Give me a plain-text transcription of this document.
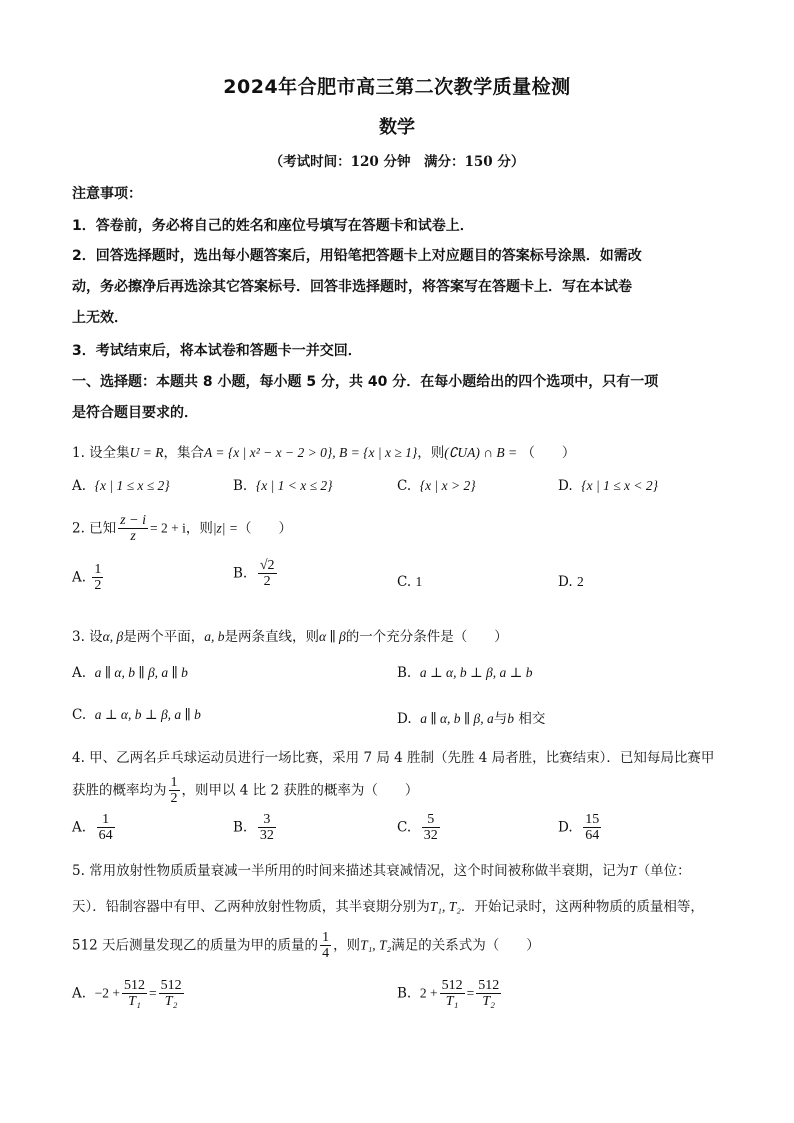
2024年合肥市高三第二次教学质量检测
数学
（考试时间：120 分钟　满分：150 分）
注意事项：
1．答卷前，务必将自己的姓名和座位号填写在答题卡和试卷上．
2．回答选择题时，选出每小题答案后，用铅笔把答题卡上对应题目的答案标号涂黑．如需改
动，务必擦净后再选涂其它答案标号．回答非选择题时，将答案写在答题卡上．写在本试卷
上无效．
3．考试结束后，将本试卷和答题卡一并交回．
一、选择题：本题共 8 小题，每小题 5 分，共 40 分．在每小题给出的四个选项中，只有一项
是符合题目要求的．
1. 设全集U = R，集合A = {x | x² − x − 2 > 0}, B = {x | x ≥ 1}，则(∁UA) ∩ B = （　　）
A. {x | 1 ≤ x ≤ 2}	B. {x | 1 < x ≤ 2}	C. {x | x > 2}	D. {x | 1 ≤ x < 2}
2. 已知 $\frac{z - i}{z} = 2 + i$，则|z| =（　　）
A. $\frac{1}{2}$	B. $\frac{√2}{2}$	C. 1	D. 2
3. 设α, β是两个平面，a, b是两条直线，则α ∥ β的一个充分条件是（　　）
A. a ∥ α, b ∥ β, a ∥ b	B. a ⊥ α, b ⊥ β, a ⊥ b
C. a ⊥ α, b ⊥ β, a ∥ b	D. a ∥ α, b ∥ β, a与b 相交
4. 甲、乙两名乒乓球运动员进行一场比赛，采用 7 局 4 胜制（先胜 4 局者胜，比赛结束）．已知每局比赛甲
获胜的概率均为 $\frac{1}{2}$ ，则甲以 4 比 2 获胜的概率为（　　）
A. $\frac{1}{64}$	B. $\frac{3}{32}$	C. $\frac{5}{32}$	D. $\frac{15}{64}$
5. 常用放射性物质质量衰减一半所用的时间来描述其衰减情况，这个时间被称做半衰期，记为T（单位：
天）．铅制容器中有甲、乙两种放射性物质，其半衰期分别为T₁, T₂．开始记录时，这两种物质的质量相等，
512 天后测量发现乙的质量为甲的质量的 $\frac{1}{4}$ ，则T₁, T₂满足的关系式为（　　）
A. $-2 + \frac{512}{\text{T₁}} = \frac{512}{\text{T₂}}$	B. $2 + \frac{512}{\text{T₁}} = \frac{512}{\text{T₂}}$
